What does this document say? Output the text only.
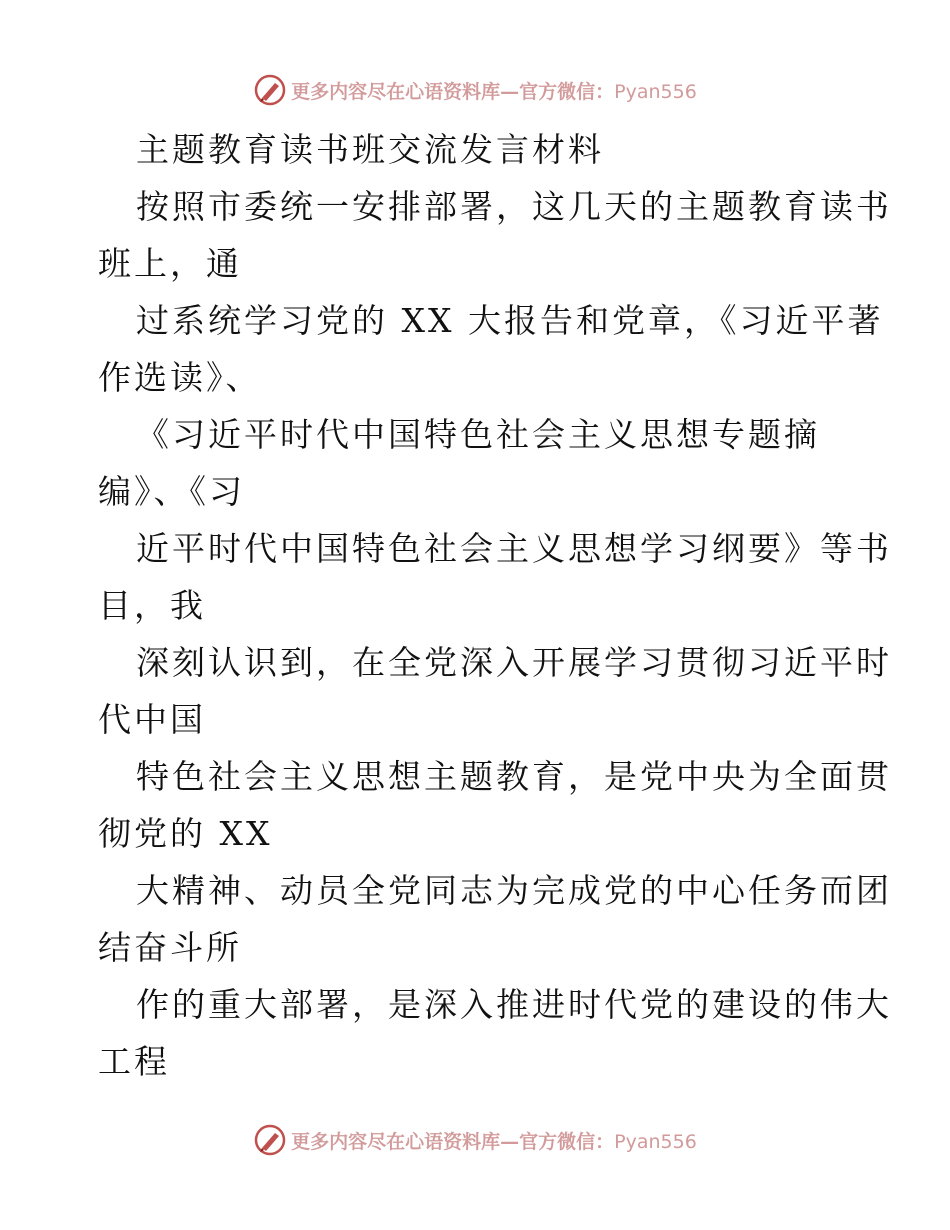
更多内容尽在心语资料库—官方微信：Pyan556

主题教育读书班交流发言材料

按照市委统一安排部署，这几天的主题教育读书

班上，通

过系统学习党的 XX 大报告和党章，《习近平著

作选读》、

《习近平时代中国特色社会主义思想专题摘

编》、《习

近平时代中国特色社会主义思想学习纲要》等书

目，我

深刻认识到，在全党深入开展学习贯彻习近平时

代中国

特色社会主义思想主题教育，是党中央为全面贯

彻党的 XX

大精神、动员全党同志为完成党的中心任务而团

结奋斗所

作的重大部署，是深入推进时代党的建设的伟大

工程

更多内容尽在心语资料库—官方微信：Pyan556
